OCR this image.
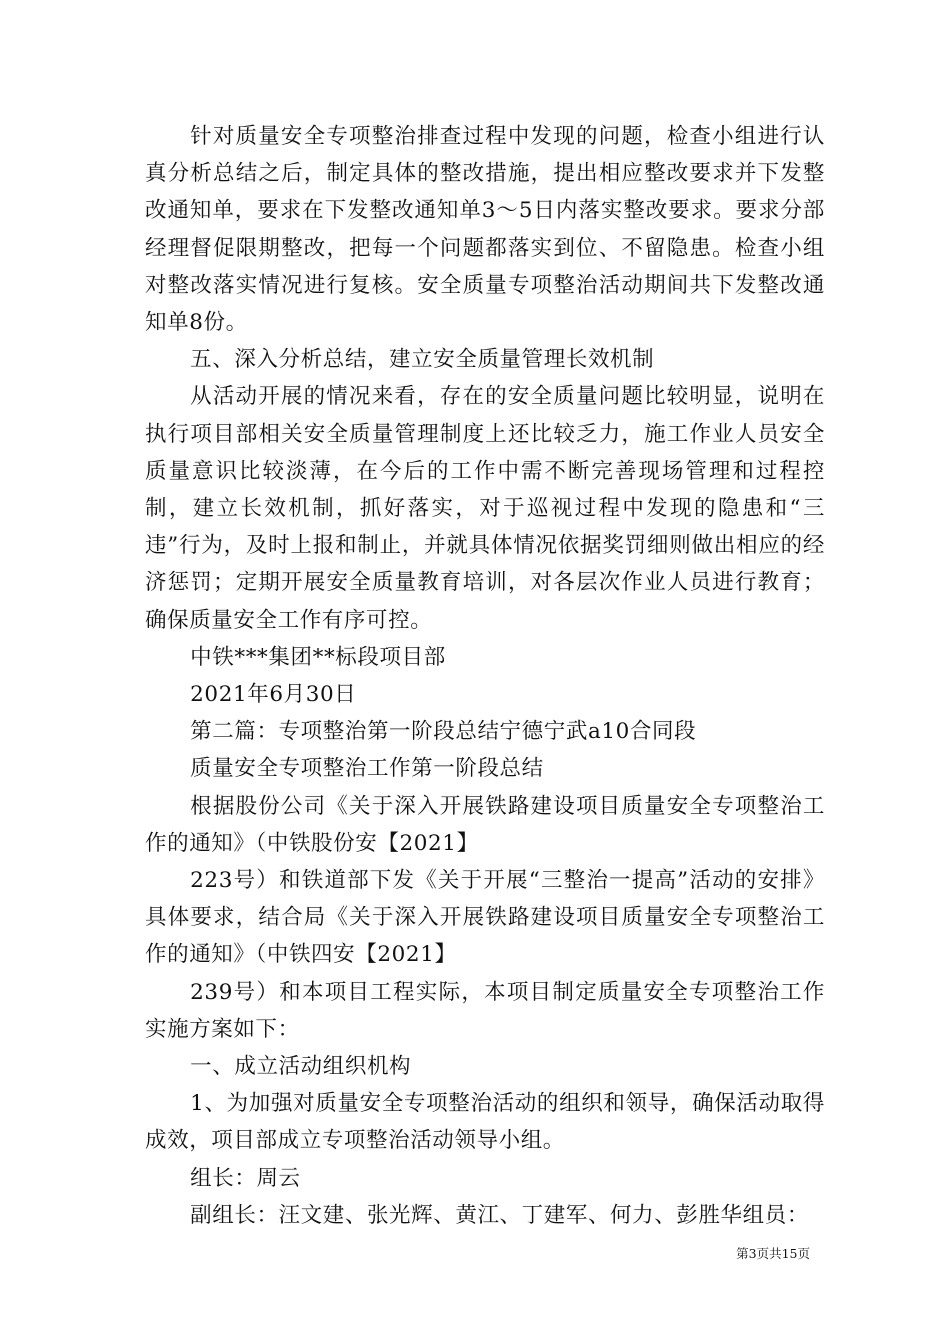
针对质量安全专项整治排查过程中发现的问题，检查小组进行认真分析总结之后，制定具体的整改措施，提出相应整改要求并下发整改通知单，要求在下发整改通知单3～5日内落实整改要求。要求分部经理督促限期整改，把每一个问题都落实到位、不留隐患。检查小组对整改落实情况进行复核。安全质量专项整治活动期间共下发整改通知单8份。

五、深入分析总结，建立安全质量管理长效机制

从活动开展的情况来看，存在的安全质量问题比较明显，说明在执行项目部相关安全质量管理制度上还比较乏力，施工作业人员安全质量意识比较淡薄，在今后的工作中需不断完善现场管理和过程控制，建立长效机制，抓好落实，对于巡视过程中发现的隐患和“三违”行为，及时上报和制止，并就具体情况依据奖罚细则做出相应的经济惩罚；定期开展安全质量教育培训，对各层次作业人员进行教育；确保质量安全工作有序可控。

中铁***集团**标段项目部

2021年6月30日

第二篇：专项整治第一阶段总结宁德宁武a10合同段

质量安全专项整治工作第一阶段总结

根据股份公司《关于深入开展铁路建设项目质量安全专项整治工作的通知》（中铁股份安【2021】

223号）和铁道部下发《关于开展“三整治一提高”活动的安排》具体要求，结合局《关于深入开展铁路建设项目质量安全专项整治工作的通知》（中铁四安【2021】

239号）和本项目工程实际，本项目制定质量安全专项整治工作实施方案如下：

一、成立活动组织机构

1、为加强对质量安全专项整治活动的组织和领导，确保活动取得成效，项目部成立专项整治活动领导小组。

组长：周云

副组长：汪文建、张光辉、黄江、丁建军、何力、彭胜华组员：

第3页共15页
